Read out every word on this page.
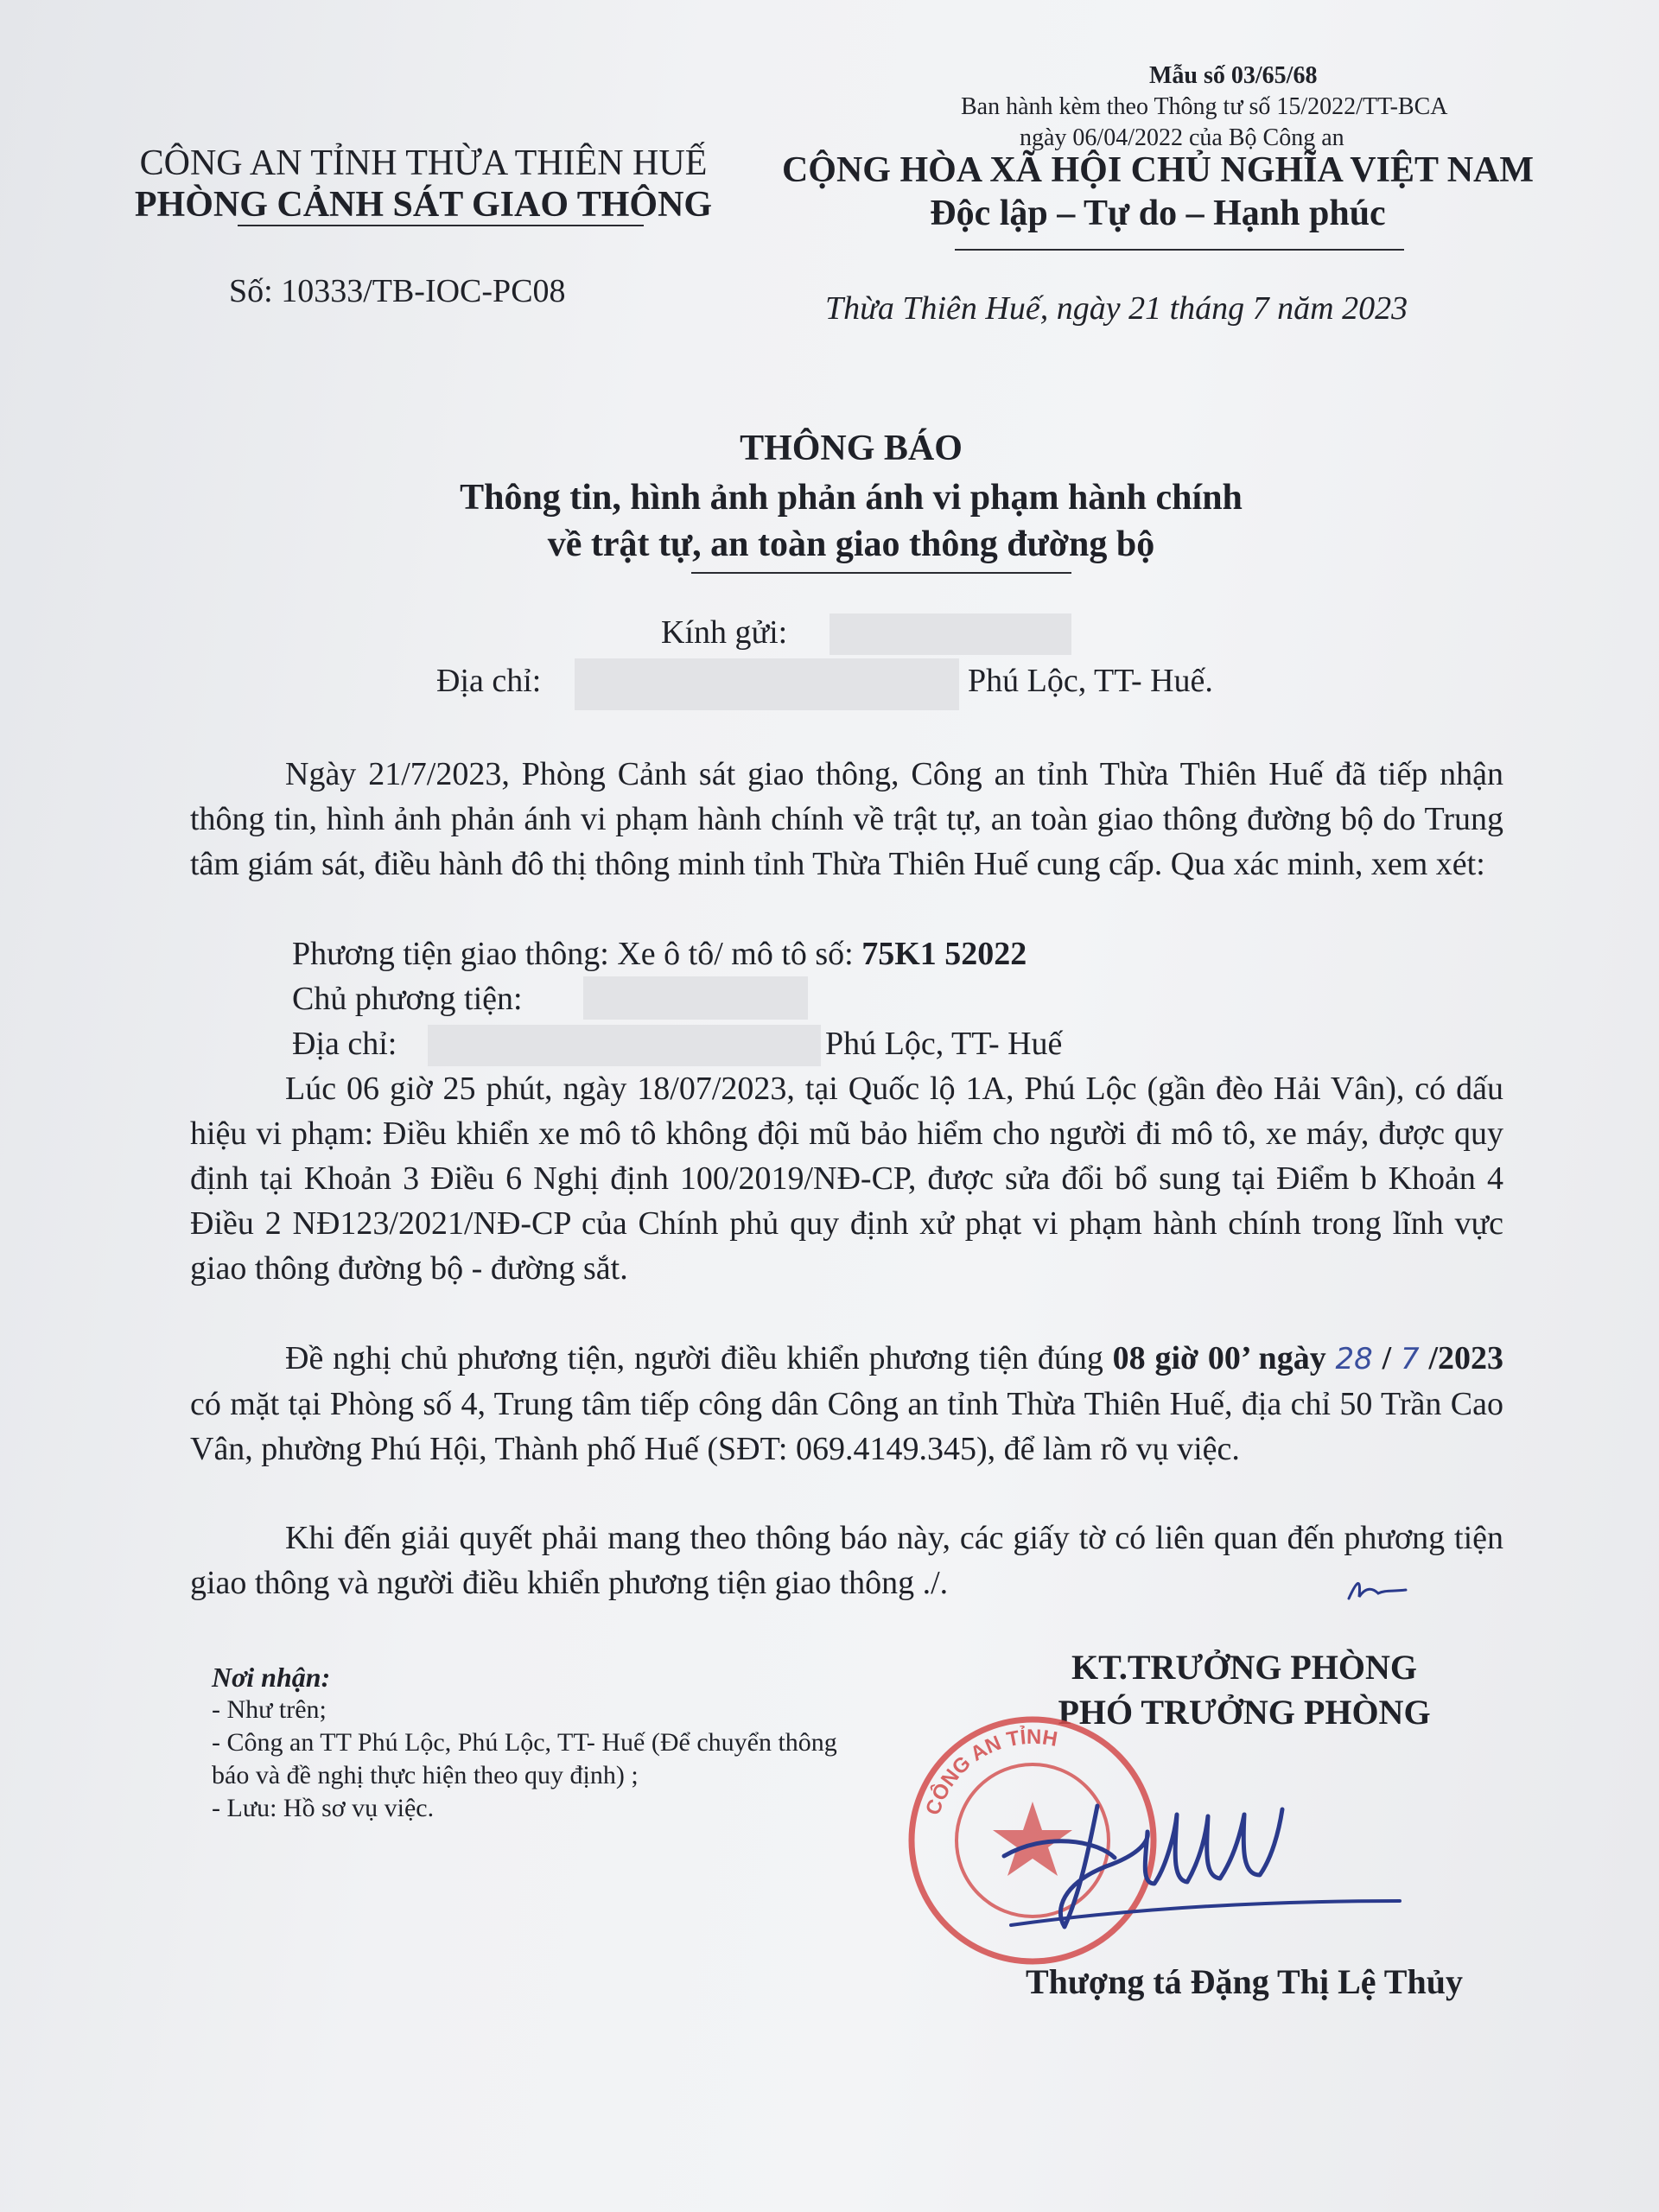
Mẫu số 03/65/68
Ban hành kèm theo Thông tư số 15/2022/TT-BCA
ngày 06/04/2022 của Bộ Công an
CÔNG AN TỈNH THỪA THIÊN HUẾ
PHÒNG CẢNH SÁT GIAO THÔNG
Số: 10333/TB-IOC-PC08
CỘNG HÒA XÃ HỘI CHỦ NGHĨA VIỆT NAM
Độc lập – Tự do – Hạnh phúc
Thừa Thiên Huế, ngày 21 tháng 7 năm 2023
THÔNG BÁO
Thông tin, hình ảnh phản ánh vi phạm hành chính
về trật tự, an toàn giao thông đường bộ
Kính gửi:
Địa chỉ:	Phú Lộc, TT- Huế.
Ngày 21/7/2023, Phòng Cảnh sát giao thông, Công an tỉnh Thừa Thiên Huế đã tiếp nhận thông tin, hình ảnh phản ánh vi phạm hành chính về trật tự, an toàn giao thông đường bộ do Trung tâm giám sát, điều hành đô thị thông minh tỉnh Thừa Thiên Huế cung cấp. Qua xác minh, xem xét:
Phương tiện giao thông: Xe ô tô/ mô tô số: 75K1 52022
Chủ phương tiện:
Địa chỉ:	Phú Lộc, TT- Huế
Lúc 06 giờ 25 phút, ngày 18/07/2023, tại Quốc lộ 1A, Phú Lộc (gần đèo Hải Vân), có dấu hiệu vi phạm: Điều khiển xe mô tô không đội mũ bảo hiểm cho người đi mô tô, xe máy, được quy định tại Khoản 3 Điều 6 Nghị định 100/2019/NĐ-CP, được sửa đổi bổ sung tại Điểm b Khoản 4 Điều 2 NĐ123/2021/NĐ-CP của Chính phủ quy định xử phạt vi phạm hành chính trong lĩnh vực giao thông đường bộ - đường sắt.
Đề nghị chủ phương tiện, người điều khiển phương tiện đúng 08 giờ 00’ ngày 28 / 7 /2023 có mặt tại Phòng số 4, Trung tâm tiếp công dân Công an tỉnh Thừa Thiên Huế, địa chỉ 50 Trần Cao Vân, phường Phú Hội, Thành phố Huế (SĐT: 069.4149.345), để làm rõ vụ việc.
Khi đến giải quyết phải mang theo thông báo này, các giấy tờ có liên quan đến phương tiện giao thông và người điều khiển phương tiện giao thông ./.
Nơi nhận:
- Như trên;
- Công an TT Phú Lộc, Phú Lộc, TT- Huế (Để chuyển thông báo và đề nghị thực hiện theo quy định) ;
- Lưu: Hồ sơ vụ việc.
KT.TRƯỞNG PHÒNG
PHÓ TRƯỞNG PHÒNG
CÔNG AN TỈNH
Thượng tá Đặng Thị Lệ Thủy
